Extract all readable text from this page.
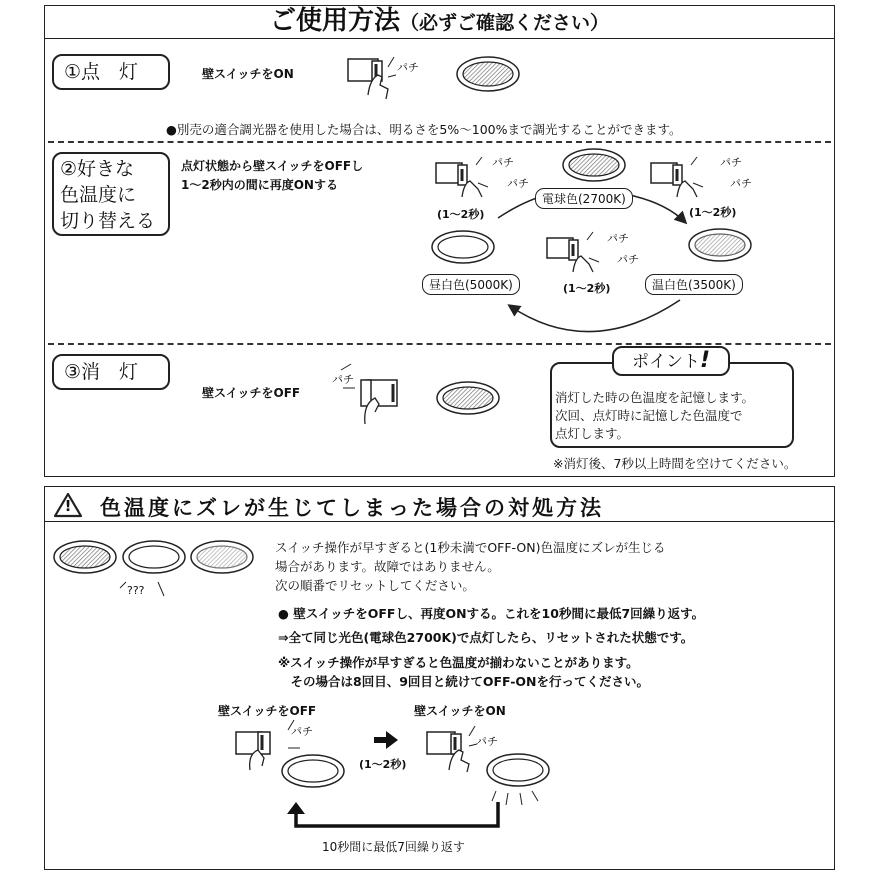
ご使用方法（必ずご確認ください）
①点　灯	壁スイッチをON	パチ
●別売の適合調光器を使用した場合は、明るさを5%～100%まで調光することができます。
②好きな
色温度に
切り替える
点灯状態から壁スイッチをOFFし
1～2秒内の間に再度ONする
パチ
パチ
電球色(2700K)
パチ
パチ
(1～2秒)	(1～2秒)
昼白色(5000K)
パチ
パチ
(1～2秒)	温白色(3500K)
③消　灯
壁スイッチをOFF
パチ
ポイント!
消灯した時の色温度を記憶します。
次回、点灯時に記憶した色温度で
点灯します。
※消灯後、7秒以上時間を空けてください。
! 色温度にズレが生じてしまった場合の対処方法
???
スイッチ操作が早すぎると(1秒未満でOFF-ON)色温度にズレが生じる
場合があります。故障ではありません。
次の順番でリセットしてください。
● 壁スイッチをOFFし、再度ONする。これを10秒間に最低7回繰り返す。
⇒全て同じ光色(電球色2700K)で点灯したら、リセットされた状態です。
※スイッチ操作が早すぎると色温度が揃わないことがあります。
　その場合は8回目、9回目と続けてOFF-ONを行ってください。
壁スイッチをOFF	壁スイッチをON
パチ
(1～2秒)
パチ
10秒間に最低7回繰り返す
